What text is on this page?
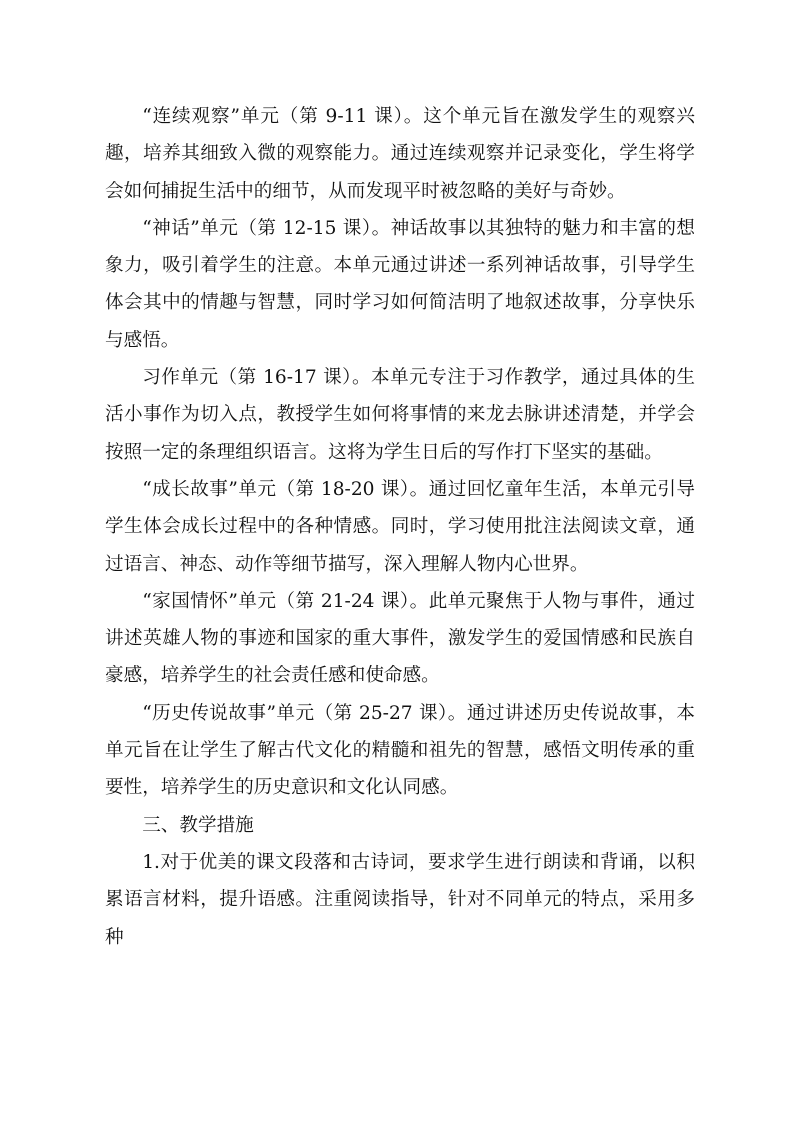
“连续观察”单元（第 9-11 课）。这个单元旨在激发学生的观察兴趣，培养其细致入微的观察能力。通过连续观察并记录变化，学生将学会如何捕捉生活中的细节，从而发现平时被忽略的美好与奇妙。

“神话”单元（第 12-15 课）。神话故事以其独特的魅力和丰富的想象力，吸引着学生的注意。本单元通过讲述一系列神话故事，引导学生体会其中的情趣与智慧，同时学习如何简洁明了地叙述故事，分享快乐与感悟。

习作单元（第 16-17 课）。本单元专注于习作教学，通过具体的生活小事作为切入点，教授学生如何将事情的来龙去脉讲述清楚，并学会按照一定的条理组织语言。这将为学生日后的写作打下坚实的基础。

“成长故事”单元（第 18-20 课）。通过回忆童年生活，本单元引导学生体会成长过程中的各种情感。同时，学习使用批注法阅读文章，通过语言、神态、动作等细节描写，深入理解人物内心世界。

“家国情怀”单元（第 21-24 课）。此单元聚焦于人物与事件，通过讲述英雄人物的事迹和国家的重大事件，激发学生的爱国情感和民族自豪感，培养学生的社会责任感和使命感。

“历史传说故事”单元（第 25-27 课）。通过讲述历史传说故事，本单元旨在让学生了解古代文化的精髓和祖先的智慧，感悟文明传承的重要性，培养学生的历史意识和文化认同感。

三、教学措施

1.对于优美的课文段落和古诗词，要求学生进行朗读和背诵，以积累语言材料，提升语感。注重阅读指导，针对不同单元的特点，采用多种
